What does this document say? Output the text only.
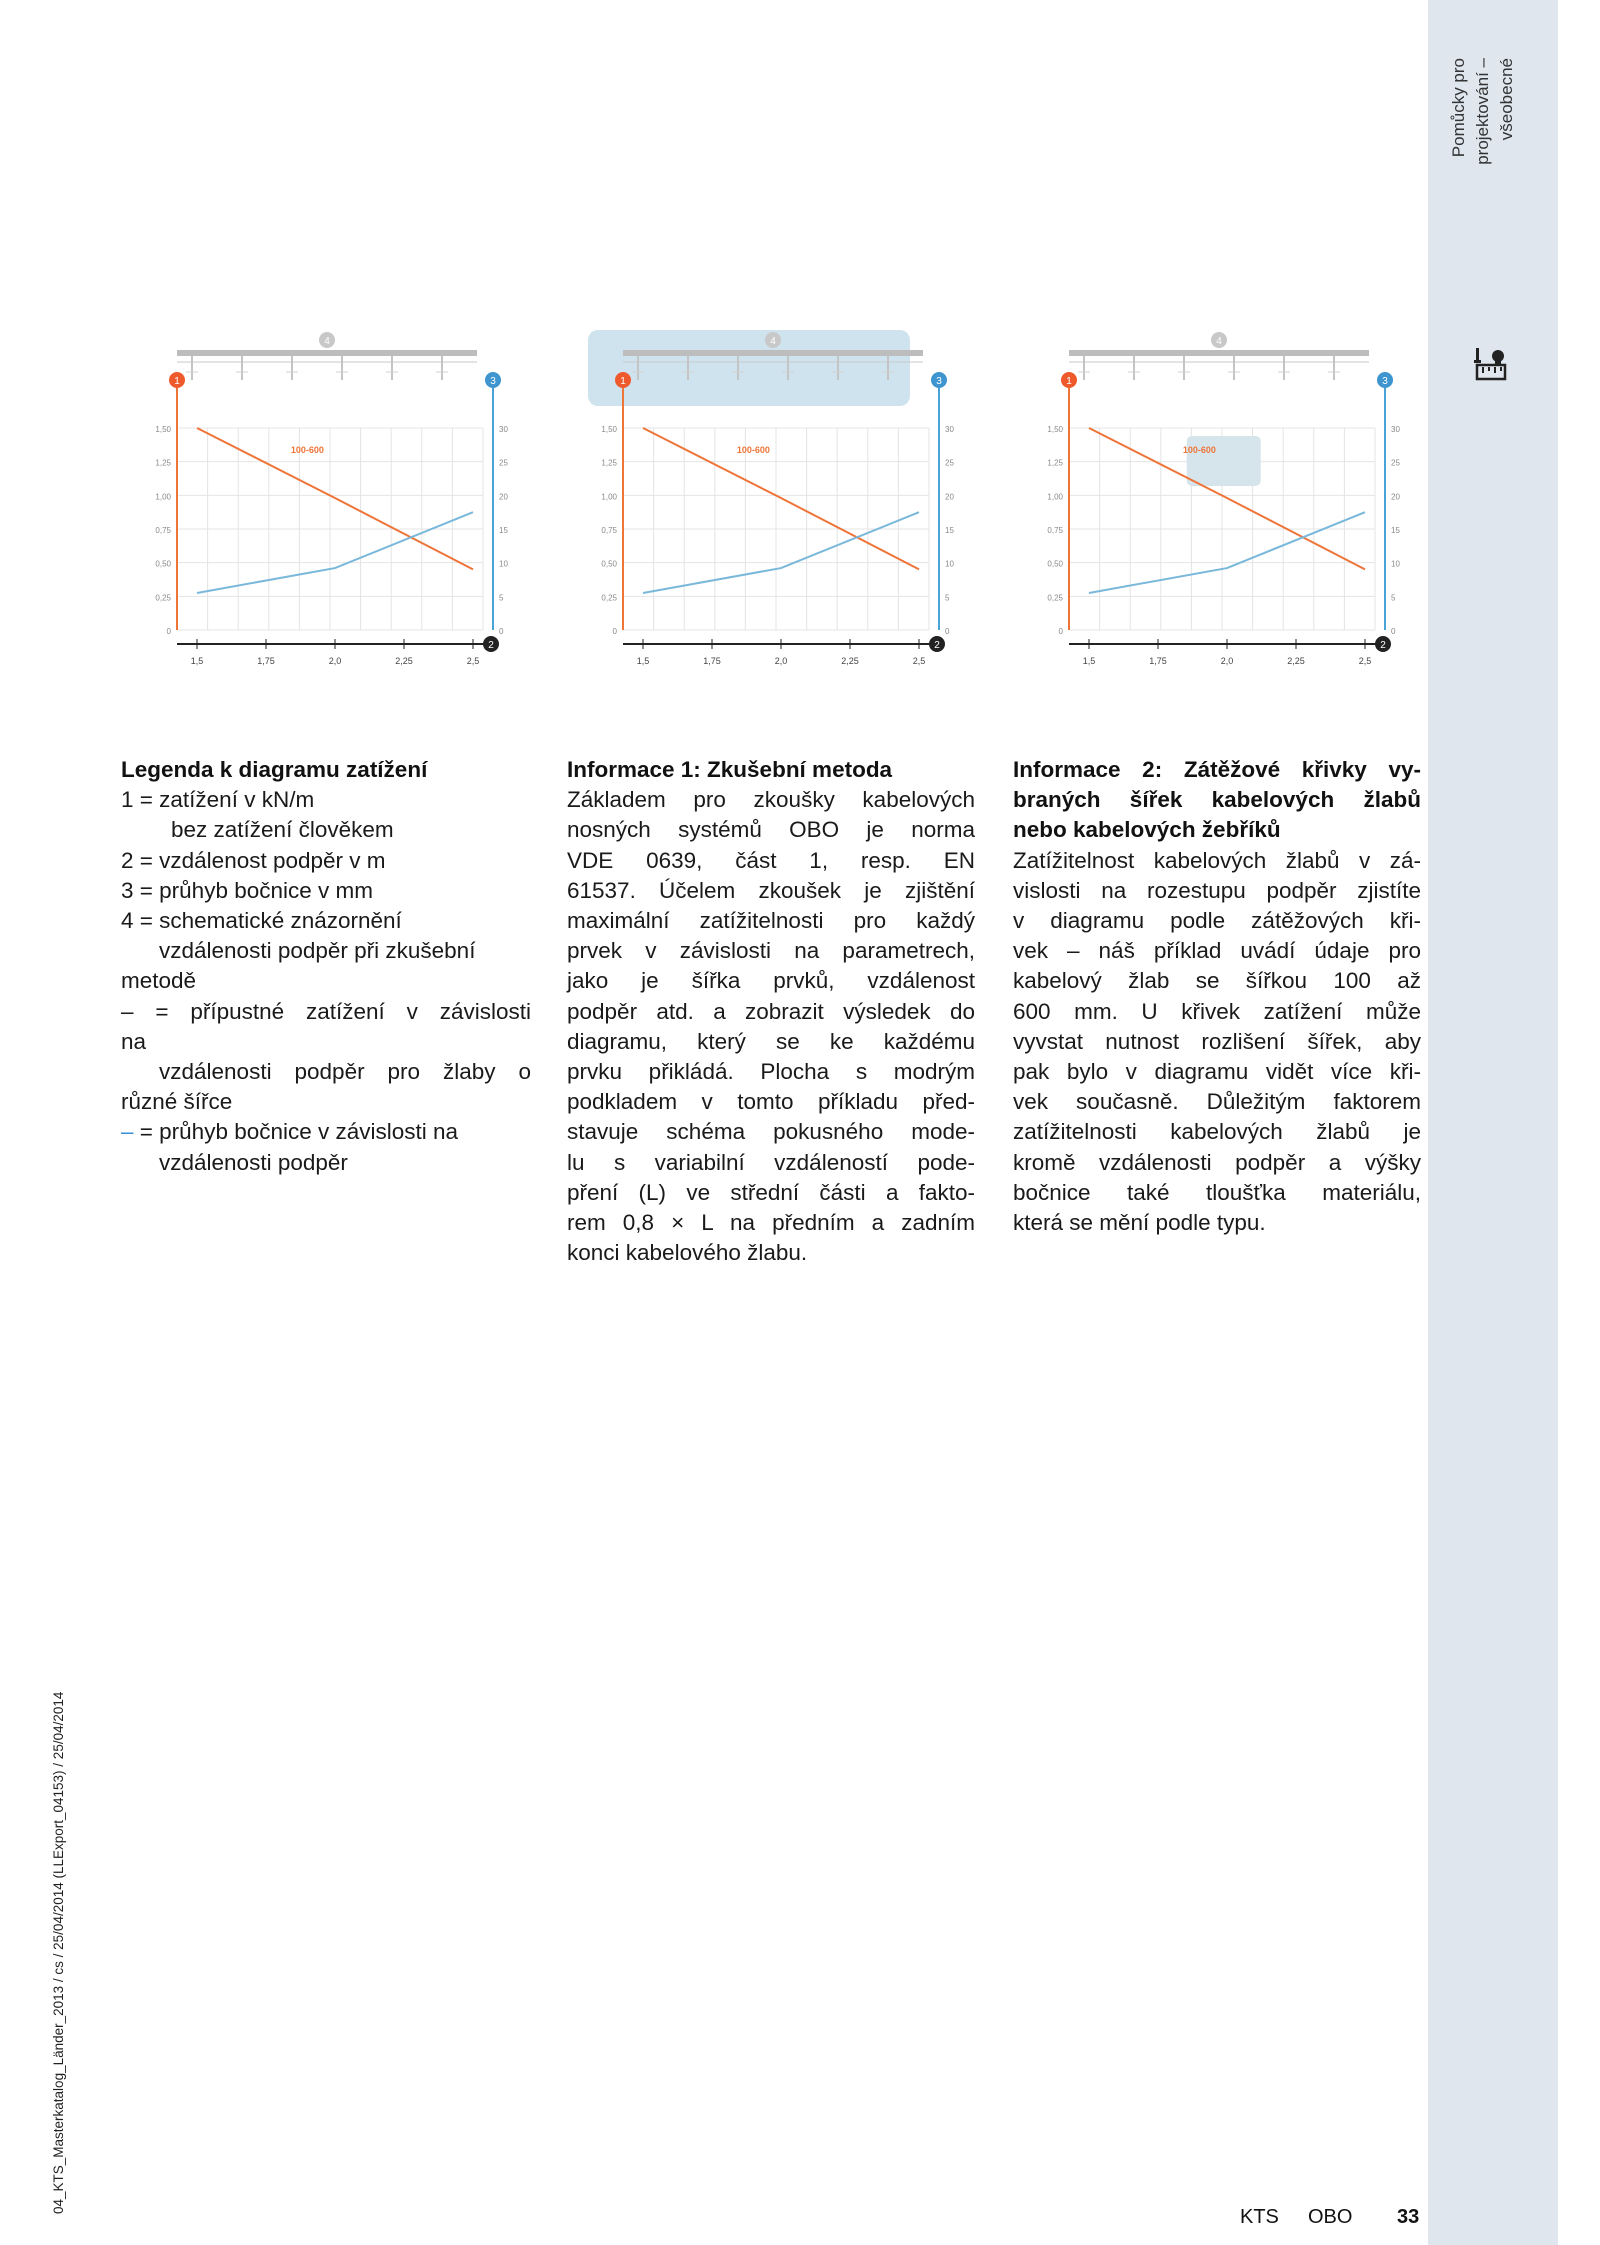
Pomůcky pro projektování – všeobecné
04_KTS_Masterkatalog_Länder_2013 / cs / 25/04/2014 (LLExport_04153) / 25/04/2014
4
1	3
2
1,50
1,25
1,00
0,75
0,50
0,25
0
30
25
20
15
10
5
0
1,5	1,75	2,0	2,25	2,5
100-600
4
1	3
2
1,50
1,25
1,00
0,75
0,50
0,25
0
30
25
20
15
10
5
0
1,5	1,75	2,0	2,25	2,5
100-600
4
1	3
2
1,50
1,25
1,00
0,75
0,50
0,25
0
30
25
20
15
10
5
0
1,5	1,75	2,0	2,25	2,5
100-600
Legenda k diagramu zatížení

1 = zatížení v kN/m

bez zatížení člověkem

2 = vzdálenost podpěr v m

3 = průhyb bočnice v mm

4 = schematické znázornění

vzdálenosti podpěr při zkušební

metodě

– = přípustné zatížení v závislosti

na

vzdálenosti podpěr pro žlaby o

různé šířce

– = průhyb bočnice v závislosti na

vzdálenosti podpěr

Informace 1: Zkušební metoda

Základem pro zkoušky kabelových

nosných systémů OBO je norma

VDE 0639, část 1, resp. EN

61537. Účelem zkoušek je zjištění

maximální zatížitelnosti pro každý

prvek v závislosti na parametrech,

jako je šířka prvků, vzdálenost

podpěr atd. a zobrazit výsledek do

diagramu, který se ke každému

prvku přikládá. Plocha s modrým

podkladem v tomto příkladu před-

stavuje schéma pokusného mode-

lu s variabilní vzdáleností pode-

pření (L) ve střední části a fakto-

rem 0,8 × L na předním a zadním

konci kabelového žlabu.

Informace 2: Zátěžové křivky vy-
braných šířek kabelových žlabů
nebo kabelových žebříků

Zatížitelnost kabelových žlabů v zá-

vislosti na rozestupu podpěr zjistíte

v diagramu podle zátěžových kři-

vek – náš příklad uvádí údaje pro

kabelový žlab se šířkou 100 až

600 mm. U křivek zatížení může

vyvstat nutnost rozlišení šířek, aby

pak bylo v diagramu vidět více kři-

vek současně. Důležitým faktorem

zatížitelnosti kabelových žlabů je

kromě vzdálenosti podpěr a výšky

bočnice také tloušťka materiálu,

která se mění podle typu.

KTS OBO 33
